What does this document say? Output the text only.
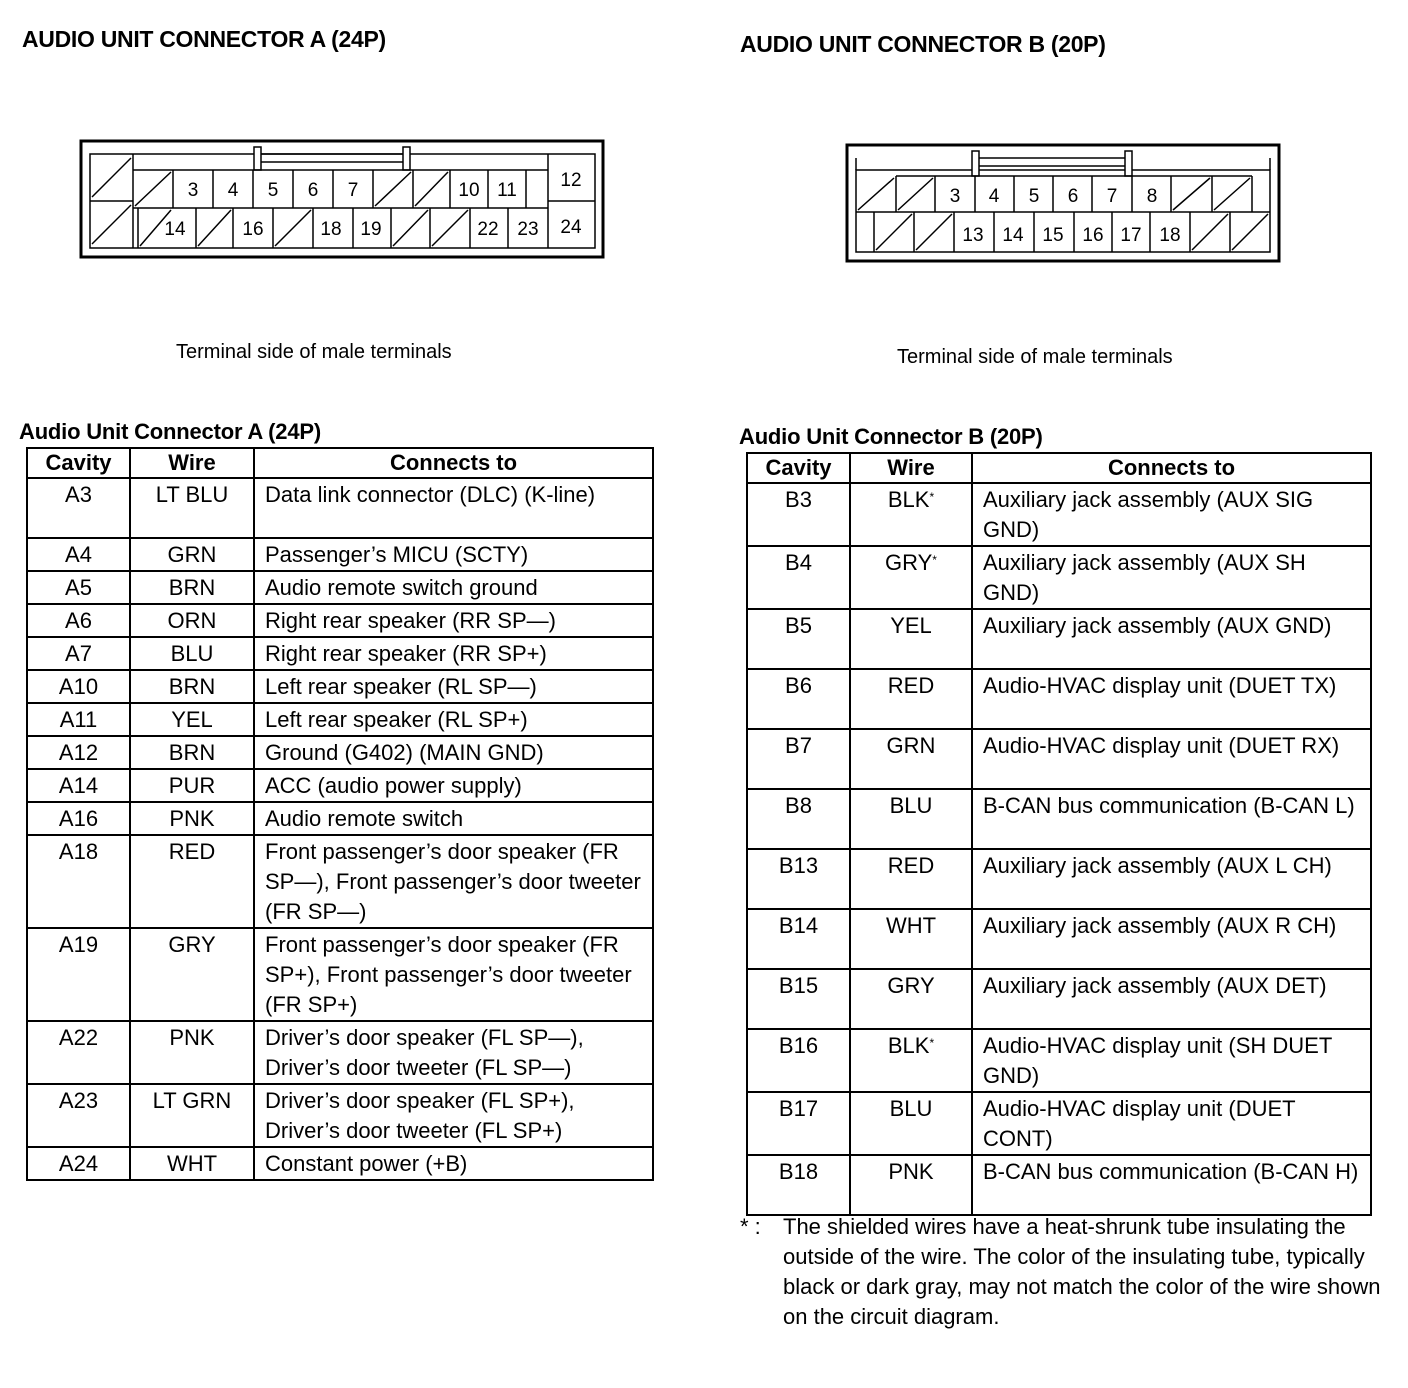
AUDIO UNIT CONNECTOR A (24P)	AUDIO UNIT CONNECTOR B (20P)
3 4 5 6 7	10 11
14	16	18 19	22 23
12
24
3 4 5 6 7 8
13 14 15 16 17 18
Terminal side of male terminals	Terminal side of male terminals
Audio Unit Connector A (24P)	Audio Unit Connector B (20P)
Cavity	Wire	Connects to
A3	LT BLU	Data link connector (DLC) (K-line)
A4	GRN	Passenger’s MICU (SCTY)
A5	BRN	Audio remote switch ground
A6	ORN	Right rear speaker (RR SP—)
A7	BLU	Right rear speaker (RR SP+)
A10	BRN	Left rear speaker (RL SP—)
A11	YEL	Left rear speaker (RL SP+)
A12	BRN	Ground (G402) (MAIN GND)
A14	PUR	ACC (audio power supply)
A16	PNK	Audio remote switch
A18	RED	Front passenger’s door speaker (FR SP—), Front passenger’s door tweeter (FR SP—)
A19	GRY	Front passenger’s door speaker (FR SP+), Front passenger’s door tweeter (FR SP+)
A22	PNK	Driver’s door speaker (FL SP—), Driver’s door tweeter (FL SP—)
A23	LT GRN	Driver’s door speaker (FL SP+), Driver’s door tweeter (FL SP+)
A24	WHT	Constant power (+B)
Cavity	Wire	Connects to
B3	BLK*	Auxiliary jack assembly (AUX SIG GND)
B4	GRY*	Auxiliary jack assembly (AUX SH GND)
B5	YEL	Auxiliary jack assembly (AUX GND)
B6	RED	Audio-HVAC display unit (DUET TX)
B7	GRN	Audio-HVAC display unit (DUET RX)
B8	BLU	B-CAN bus communication (B-CAN L)
B13	RED	Auxiliary jack assembly (AUX L CH)
B14	WHT	Auxiliary jack assembly (AUX R CH)
B15	GRY	Auxiliary jack assembly (AUX DET)
B16	BLK*	Audio-HVAC display unit (SH DUET GND)
B17	BLU	Audio-HVAC display unit (DUET CONT)
B18	PNK	B-CAN bus communication (B-CAN H)
* : The shielded wires have a heat-shrunk tube insulating the outside of the wire. The color of the insulating tube, typically black or dark gray, may not match the color of the wire shown on the circuit diagram.
